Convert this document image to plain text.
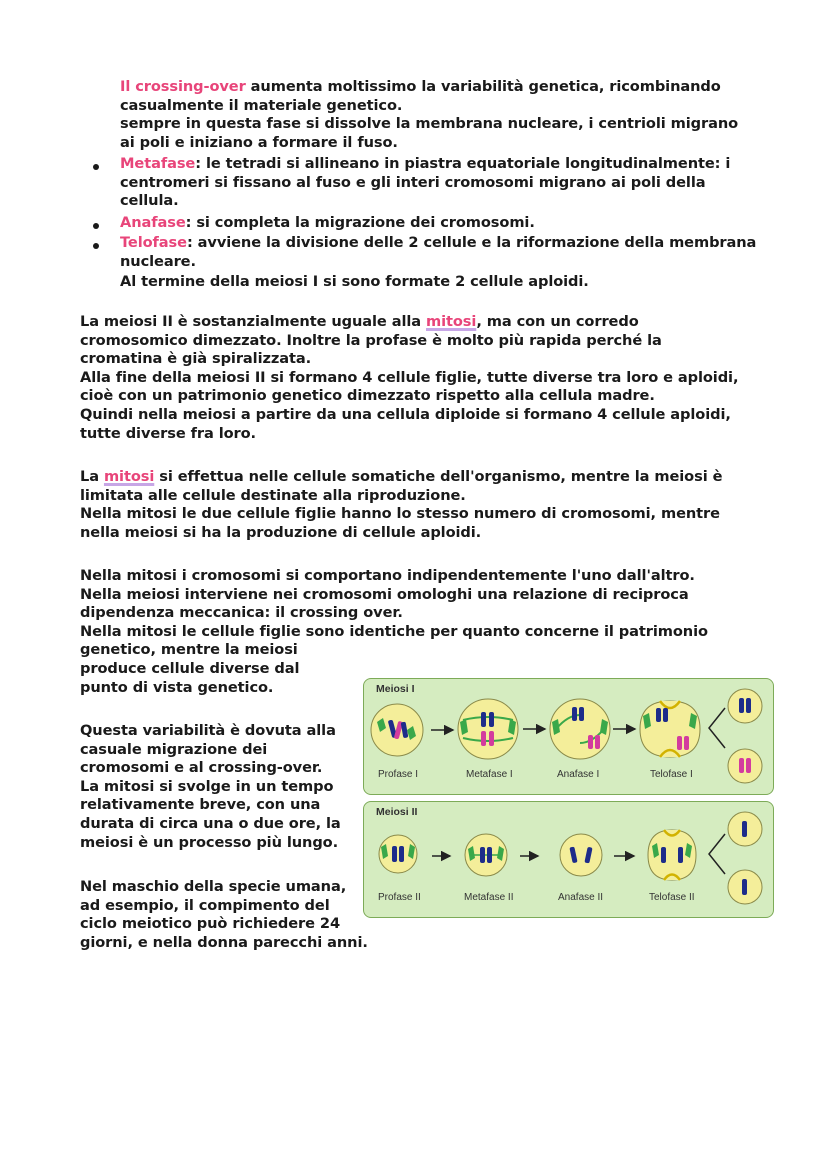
Il crossing-over aumenta moltissimo la variabilità genetica, ricombinando
casualmente il materiale genetico.
sempre in questa fase si dissolve la membrana nucleare, i centrioli migrano
ai poli e iniziano a formare il fuso.
Metafase: le tetradi si allineano in piastra equatoriale longitudinalmente: i
centromeri si fissano al fuso e gli interi cromosomi migrano ai poli della
cellula.
Anafase: si completa la migrazione dei cromosomi.
Telofase: avviene la divisione delle 2 cellule e la riformazione della membrana
nucleare.
Al termine della meiosi I si sono formate 2 cellule aploidi.
La meiosi II è sostanzialmente uguale alla mitosi, ma con un corredo
cromosomico dimezzato. Inoltre la profase è molto più rapida perché la
cromatina è già spiralizzata.
Alla fine della meiosi II si formano 4 cellule figlie, tutte diverse tra loro e aploidi,
cioè con un patrimonio genetico dimezzato rispetto alla cellula madre.
Quindi nella meiosi a partire da una cellula diploide si formano 4 cellule aploidi,
tutte diverse fra loro.
La mitosi si effettua nelle cellule somatiche dell'organismo, mentre la meiosi è
limitata alle cellule destinate alla riproduzione.
Nella mitosi le due cellule figlie hanno lo stesso numero di cromosomi, mentre
nella meiosi si ha la produzione di cellule aploidi.
Nella mitosi i cromosomi si comportano indipendentemente l'uno dall'altro.
Nella meiosi interviene nei cromosomi omologhi una relazione di reciproca
dipendenza meccanica: il crossing over.
Nella mitosi le cellule figlie sono identiche per quanto concerne il patrimonio
genetico, mentre la meiosi
produce cellule diverse dal
punto di vista genetico.
Questa variabilità è dovuta alla
casuale migrazione dei
cromosomi e al crossing-over.
La mitosi si svolge in un tempo
relativamente breve, con una
durata di circa una o due ore, la
meiosi è un processo più lungo.
Nel maschio della specie umana,
ad esempio, il compimento del
ciclo meiotico può richiedere 24
giorni, e nella donna parecchi anni.
Meiosi I
Profase I	Metafase I	Anafase I	Telofase I
Meiosi II
Profase II	Metafase II	Anafase II	Telofase II
